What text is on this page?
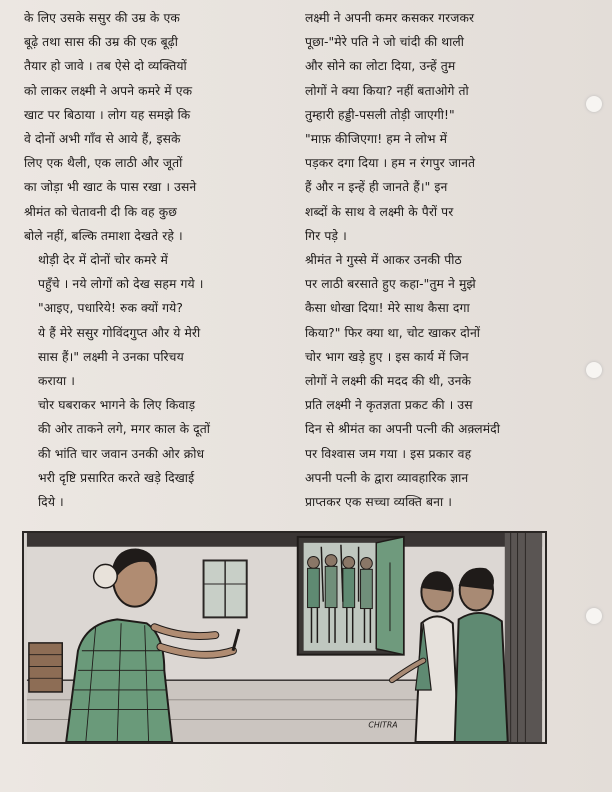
के लिए उसके ससुर की उम्र के एक
बूढ़े तथा सास की उम्र की एक बूढ़ी
तैयार हो जावे । तब ऐसे दो व्यक्तियों
को लाकर लक्ष्मी ने अपने कमरे में एक
खाट पर बिठाया । लोग यह समझे कि
वे दोनों अभी गाँव से आये हैं, इसके
लिए एक थैली, एक लाठी और जूतों
का जोड़ा भी खाट के पास रखा । उसने
श्रीमंत को चेतावनी दी कि वह कुछ
बोले नहीं, बल्कि तमाशा देखते रहे ।

थोड़ी देर में दोनों चोर कमरे में
पहुँचे । नये लोगों को देख सहम गये ।

"आइए, पधारिये! रुक क्यों गये?
ये हैं मेरे ससुर गोविंदगुप्त और ये मेरी
सास हैं।" लक्ष्मी ने उनका परिचय
कराया ।

चोर घबराकर भागने के लिए किवाड़
की ओर ताकने लगे, मगर काल के दूतों
की भांति चार जवान उनकी ओर क्रोध
भरी दृष्टि प्रसारित करते खड़े दिखाई
दिये ।

लक्ष्मी ने अपनी कमर कसकर गरजकर
पूछा-"मेरे पति ने जो चांदी की थाली
और सोने का लोटा दिया, उन्हें तुम
लोगों ने क्या किया? नहीं बताओगे तो
तुम्हारी हड्डी-पसली तोड़ी जाएगी!"

"माफ़ कीजिएगा! हम ने लोभ में
पड़कर दगा दिया । हम न रंगपुर जानते
हैं और न इन्हें ही जानते हैं।" इन
शब्दों के साथ वे लक्ष्मी के पैरों पर
गिर पड़े ।

श्रीमंत ने गुस्से में आकर उनकी पीठ
पर लाठी बरसाते हुए कहा-"तुम ने मुझे
कैसा धोखा दिया! मेरे साथ कैसा दगा
किया?" फिर क्या था, चोट खाकर दोनों
चोर भाग खड़े हुए । इस कार्य में जिन
लोगों ने लक्ष्मी की मदद की थी, उनके
प्रति लक्ष्मी ने कृतज्ञता प्रकट की । उस
दिन से श्रीमंत का अपनी पत्नी की अक़्लमंदी
पर विश्वास जम गया । इस प्रकार वह
अपनी पत्नी के द्वारा व्यावहारिक ज्ञान
प्राप्तकर एक सच्चा व्यक्ति बना ।

CHITRA
